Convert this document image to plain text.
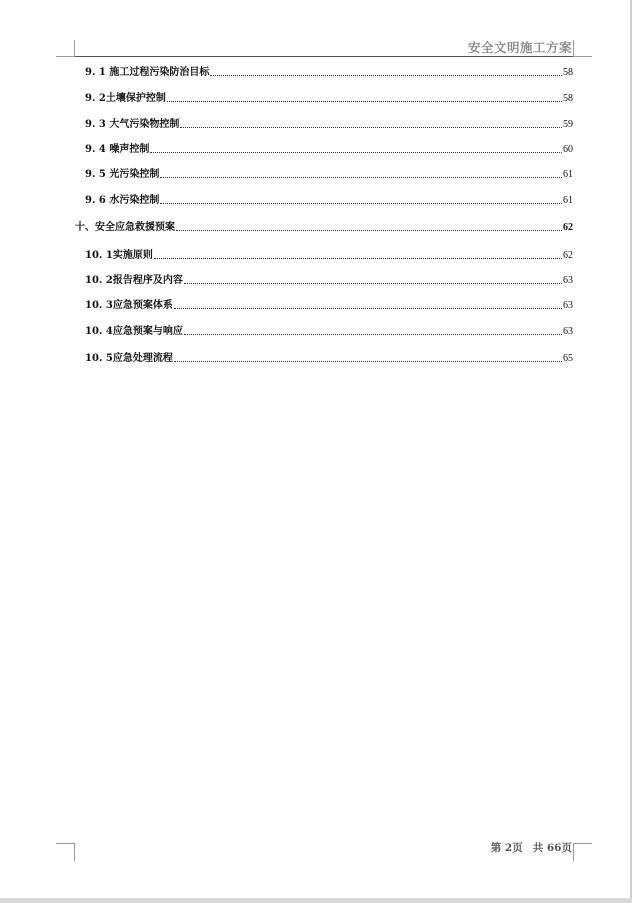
安全文明施工方案
9. 1 施工过程污染防治目标	58
9. 2土壤保护控制	58
9. 3 大气污染物控制	59
9. 4 噪声控制	60
9. 5 光污染控制	61
9. 6 水污染控制	61
十、安全应急救援预案	62
10. 1实施原则	62
10. 2报告程序及内容	63
10. 3应急预案体系	63
10. 4应急预案与响应	63
10. 5应急处理流程	65
第 2页 共 66页
